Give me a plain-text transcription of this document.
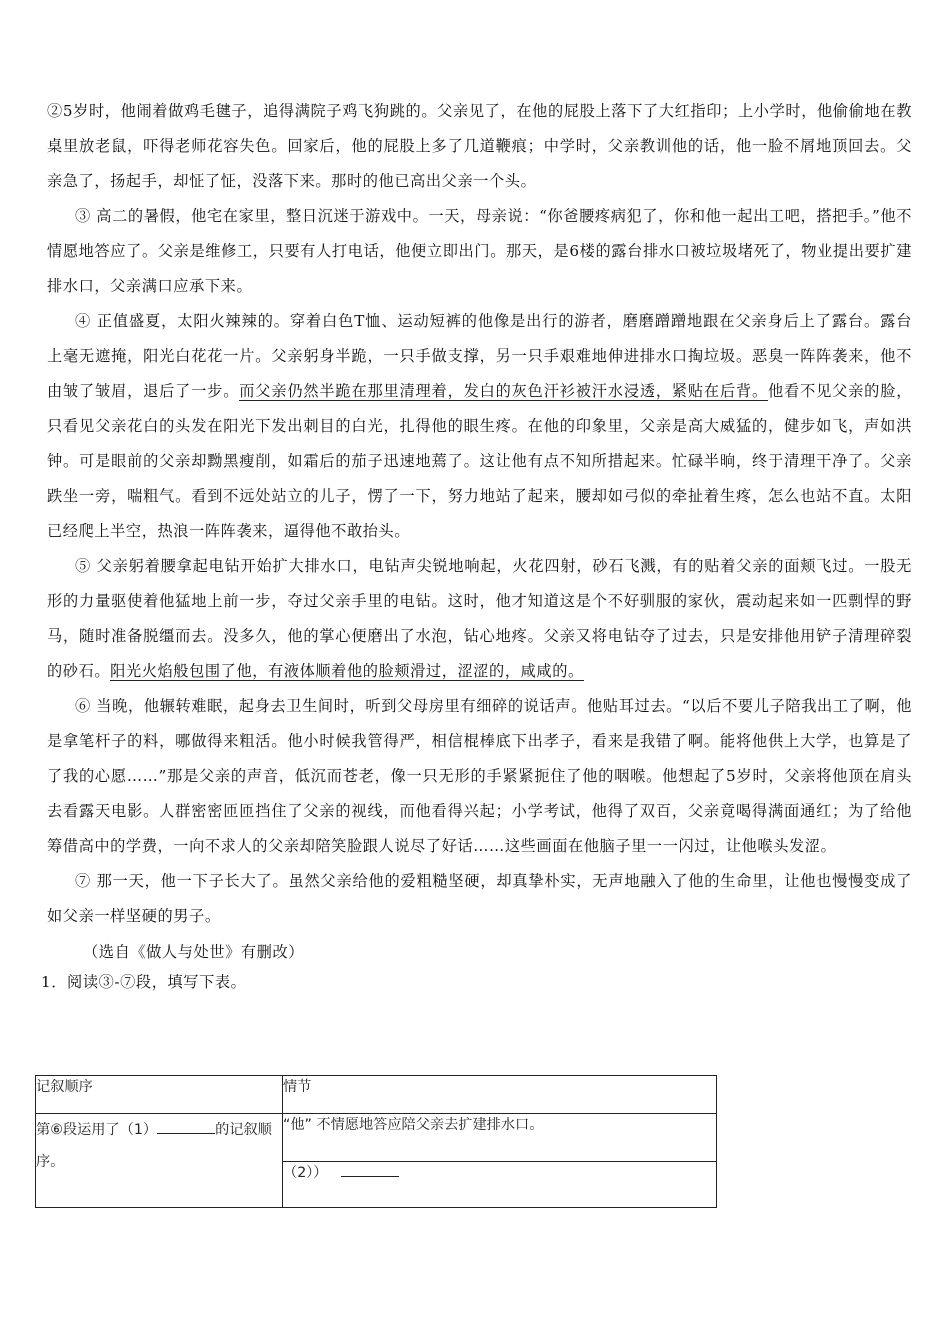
②5岁时，他闹着做鸡毛毽子，追得满院子鸡飞狗跳的。父亲见了，在他的屁股上落下了大红指印；上小学时，他偷偷地在教桌里放老鼠，吓得老师花容失色。回家后，他的屁股上多了几道鞭痕；中学时，父亲教训他的话，他一脸不屑地顶回去。父亲急了，扬起手，却怔了怔，没落下来。那时的他已高出父亲一个头。

③ 高二的暑假，他宅在家里，整日沉迷于游戏中。一天，母亲说：“你爸腰疼病犯了，你和他一起出工吧，搭把手。”他不情愿地答应了。父亲是维修工，只要有人打电话，他便立即出门。那天，是6楼的露台排水口被垃圾堵死了，物业提出要扩建排水口，父亲满口应承下来。

④ 正值盛夏，太阳火辣辣的。穿着白色T恤、运动短裤的他像是出行的游者，磨磨蹭蹭地跟在父亲身后上了露台。露台上毫无遮掩，阳光白花花一片。父亲躬身半跪，一只手做支撑，另一只手艰难地伸进排水口掏垃圾。恶臭一阵阵袭来，他不由皱了皱眉，退后了一步。而父亲仍然半跪在那里清理着，发白的灰色汗衫被汗水浸透，紧贴在后背。他看不见父亲的脸，只看见父亲花白的头发在阳光下发出刺目的白光，扎得他的眼生疼。在他的印象里，父亲是高大威猛的，健步如飞，声如洪钟。可是眼前的父亲却黝黑瘦削，如霜后的茄子迅速地蔫了。这让他有点不知所措起来。忙碌半晌，终于清理干净了。父亲跌坐一旁，喘粗气。看到不远处站立的儿子，愣了一下，努力地站了起来，腰却如弓似的牵扯着生疼，怎么也站不直。太阳已经爬上半空，热浪一阵阵袭来，逼得他不敢抬头。

⑤ 父亲躬着腰拿起电钻开始扩大排水口，电钻声尖锐地响起，火花四射，砂石飞溅，有的贴着父亲的面颊飞过。一股无形的力量驱使着他猛地上前一步，夺过父亲手里的电钻。这时，他才知道这是个不好驯服的家伙，震动起来如一匹剽悍的野马，随时准备脱缰而去。没多久，他的掌心便磨出了水泡，钻心地疼。父亲又将电钻夺了过去，只是安排他用铲子清理碎裂的砂石。阳光火焰般包围了他，有液体顺着他的脸颊滑过，涩涩的，咸咸的。

⑥ 当晚，他辗转难眠，起身去卫生间时，听到父母房里有细碎的说话声。他贴耳过去。“以后不要儿子陪我出工了啊，他是拿笔杆子的料，哪做得来粗活。他小时候我管得严，相信棍棒底下出孝子，看来是我错了啊。能将他供上大学，也算是了了我的心愿……”那是父亲的声音，低沉而苍老，像一只无形的手紧紧扼住了他的咽喉。他想起了5岁时，父亲将他顶在肩头去看露天电影。人群密密匝匝挡住了父亲的视线，而他看得兴起；小学考试，他得了双百，父亲竟喝得满面通红；为了给他筹借高中的学费，一向不求人的父亲却陪笑脸跟人说尽了好话……这些画面在他脑子里一一闪过，让他喉头发涩。

⑦ 那一天，他一下子长大了。虽然父亲给他的爱粗糙坚硬，却真挚朴实，无声地融入了他的生命里，让他也慢慢变成了如父亲一样坚硬的男子。

（选自《做人与处世》有删改）

1．阅读③-⑦段，填写下表。

记叙顺序	情节
第⑥段运用了（1） 的记叙顺序。	“他” 不情愿地答应陪父亲去扩建排水口。
	（2））
